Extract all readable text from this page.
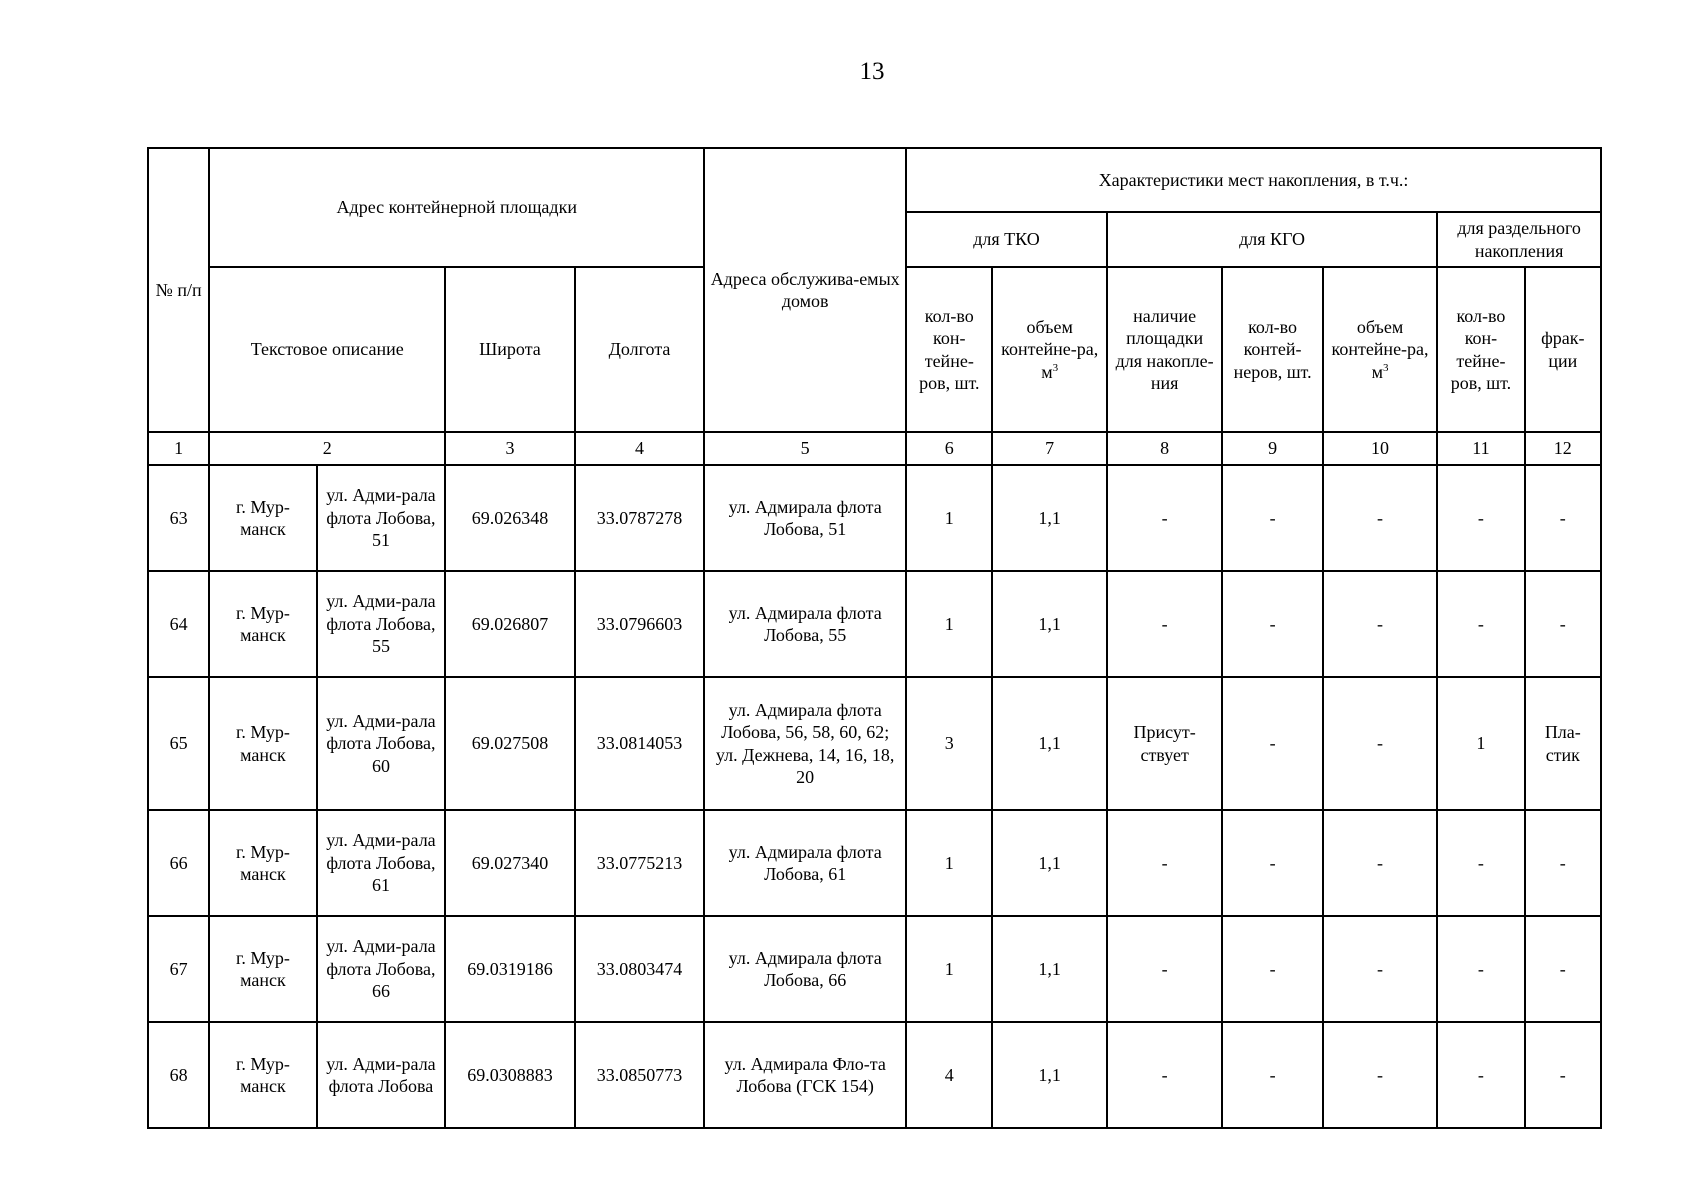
13
№ п/п	Адрес контейнерной площадки				Адреса обслужива-емых домов	Характеристики мест накопления, в т.ч.:						
						для ТКО		для КГО			для раздельного накопления	
	Текстовое описание		Широта	Долгота		кол-во кон-тейне-ров, шт.	объем контейне-ра, $м^3$	наличие площадки для накопле-ния	кол-во контей-неров, шт.	объем контейне-ра, $м^3$	кол-во кон-тейне-ров, шт.	фрак-ции
1	2		3	4	5	6	7	8	9	10	11	12
63	г. Мур-манск	ул. Адми-рала флота Лобова, 51	69.026348	33.0787278	ул. Адмирала флота Лобова, 51	1	1,1	-	-	-	-	-
64	г. Мур-манск	ул. Адми-рала флота Лобова, 55	69.026807	33.0796603	ул. Адмирала флота Лобова, 55	1	1,1	-	-	-	-	-
65	г. Мур-манск	ул. Адми-рала флота Лобова, 60	69.027508	33.0814053	ул. Адмирала флота Лобова, 56, 58, 60, 62; ул. Дежнева, 14, 16, 18, 20	3	1,1	Присут-ствует	-	-	1	Пла-стик
66	г. Мур-манск	ул. Адми-рала флота Лобова, 61	69.027340	33.0775213	ул. Адмирала флота Лобова, 61	1	1,1	-	-	-	-	-
67	г. Мур-манск	ул. Адми-рала флота Лобова, 66	69.0319186	33.0803474	ул. Адмирала флота Лобова, 66	1	1,1	-	-	-	-	-
68	г. Мур-манск	ул. Адми-рала флота Лобова	69.0308883	33.0850773	ул. Адмирала Фло-та Лобова (ГСК 154)	4	1,1	-	-	-	-	-
